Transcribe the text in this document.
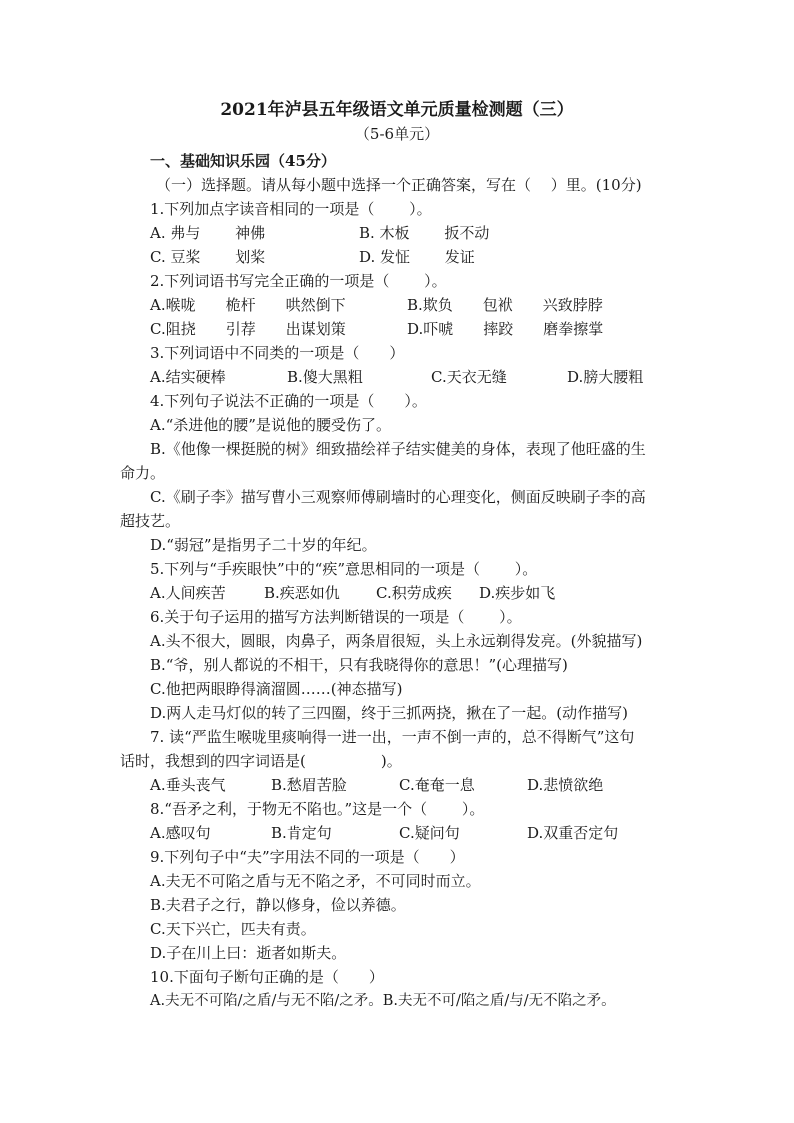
2021年泸县五年级语文单元质量检测题（三）
（5-6单元）
一、基础知识乐园（45分）
（一）选择题。请从每小题中选择一个正确答案，写在（　 ）里。(10分)
1.下列加点字读音相同的一项是（　　 ）。
A. 弗与　　 神佛	B. 木板　　 扳不动
C. 豆桨　　 划桨	D. 发怔　　 发证
2.下列词语书写完全正确的一项是（　　 ）。
A.喉咙　　桅杆　　哄然倒下	B.欺负　　包袱　　兴致脖脖
C.阻挠　　引荐　　出谋划策	D.吓唬　　摔跤　　磨拳擦掌
3.下列词语中不同类的一项是（　　）
A.结实硬棒	B.傻大黑粗	C.天衣无缝	D.膀大腰粗
4.下列句子说法不正确的一项是（　　）。
A.“杀进他的腰”是说他的腰受伤了。
B.《他像一棵挺脱的树》细致描绘祥子结实健美的身体，表现了他旺盛的生
命力。
C.《刷子李》描写曹小三观察师傅刷墙时的心理变化，侧面反映刷子李的高
超技艺。
D.“弱冠”是指男子二十岁的年纪。
5.下列与“手疾眼快”中的“疾”意思相同的一项是（　　 ）。
A.人间疾苦	B.疾恶如仇 C.积劳成疾 D.疾步如飞
6.关于句子运用的描写方法判断错误的一项是（　　 ）。
A.头不很大，圆眼，肉鼻子，两条眉很短，头上永远剃得发亮。(外貌描写)
B.“爷，别人都说的不相干，只有我晓得你的意思！”(心理描写)
C.他把两眼睁得滴溜圆……(神态描写)
D.两人走马灯似的转了三四圈，终于三抓两挠，揪在了一起。(动作描写)
7. 读“严监生喉咙里痰响得一进一出，一声不倒一声的，总不得断气”这句
话时，我想到的四字词语是(　　　　　)。
A.垂头丧气	B.愁眉苦脸	C.奄奄一息	D.悲愤欲绝
8.“吾矛之利，于物无不陷也。”这是一个（　　 ）。
A.感叹句	B.肯定句	C.疑问句	D.双重否定句
9.下列句子中“夫”字用法不同的一项是（　　）
A.夫无不可陷之盾与无不陷之矛，不可同时而立。
B.夫君子之行，静以修身，俭以养德。
C.天下兴亡，匹夫有责。
D.子在川上曰：逝者如斯夫。
10.下面句子断句正确的是（　　）
A.夫无不可陷/之盾/与无不陷/之矛。B.夫无不可/陷之盾/与/无不陷之矛。
